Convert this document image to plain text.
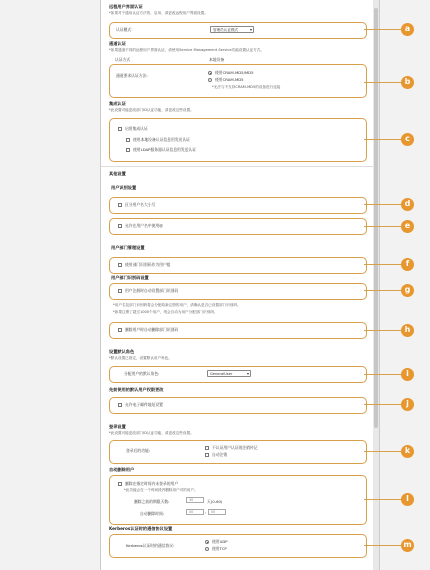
远程用户界面认证
*如果对于通用认证方法的，启用、请更改远程用户界面设置。
认证模式：	管理员认证模式	▾
通道认证
*如果通道不同的远程用户界面认证，请使用Service Management Service功能设置认证方式。
认证方式	本地设备
通道要求认证方法:
使用CRAM-MD5/MD5
使用CRAM-MD5
*无法与不支持CRAM-MD5的设备进行连接
集成认证
*此设置可能更改部门ID认证功能，请更改这些设置。
启用集成认证
使用本地设备认证信息用发送认证
使用LDAP服务器认证信息用发送认证
其他设置
用户识别设置
区分用户名大小写
允许在用户名中使用@
用户部门管理设置
使用部门识别码作为用户组
用户部门识别码设置
用户注册时自动设置部门识别码
*用户名及部门识别码将会分配给新注册的用户，请确认是否已设置部门识别码。
*如果注册了超过1000个用户，则会自动为用户分配部门识别码。
删除用户时自动删除部门识别码
设置默认角色
*默认设置已指定，设置默认用户角色。
分配用户的默认角色:	GeneralUser	▾
先前使用的默认用户权限更改
允许电子邮件地址设置
登录设置
*此设置可能更改部门ID认证功能，请更改这些设置。
登录后的功能:
不认证用户认证的注销传记
自动注销
自动删除用户
删除在指定时间内未登录的用户
*此功能会在一个时间段内删除用户对的用户。
删除之前的期限天数:	30	天(0-60)
自动删除时间:	00	:	00
Kerberos认证时的通信协议设置
Kerberos认证时的通信协议:
使用UDP
使用TCP
a
b
c
d
e
f
g
h
i
j
k
l
m
